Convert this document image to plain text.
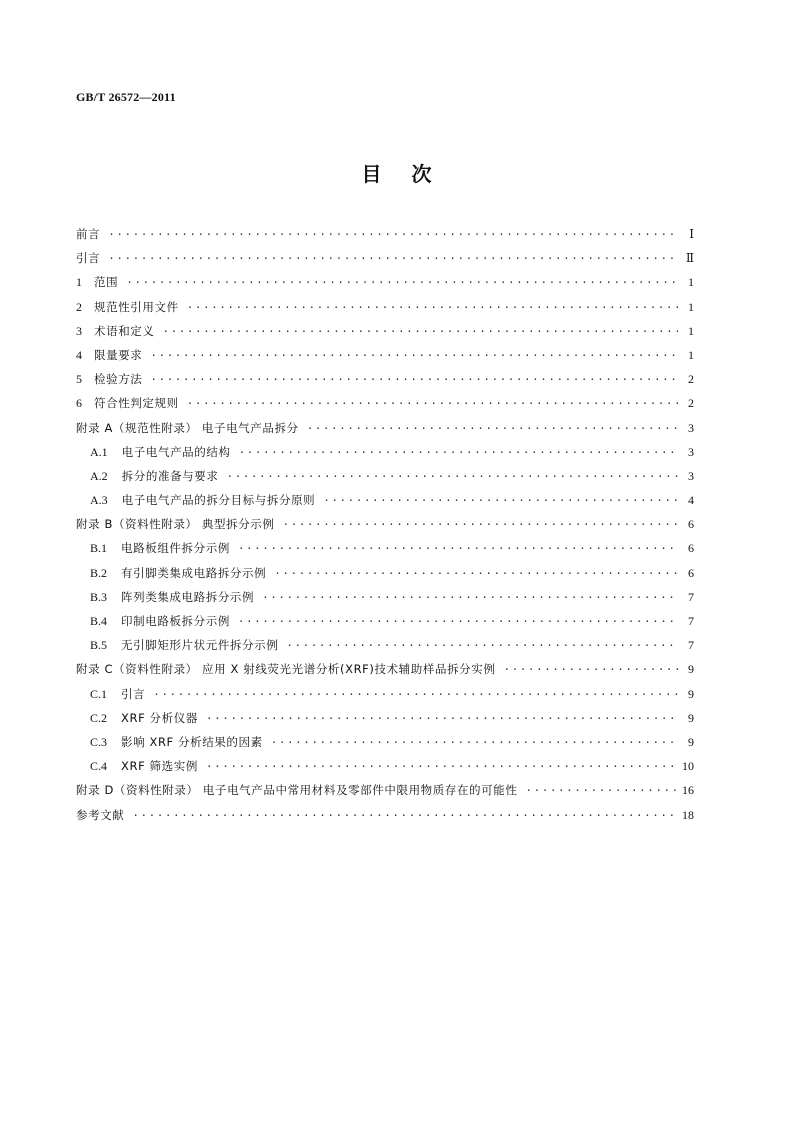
GB/T 26572—2011
目次
前言 ·····	Ⅰ
引言 ·····	Ⅱ
1 范围 ·····	1
2 规范性引用文件 ·····	1
3 术语和定义 ·····	1
4 限量要求 ·····	1
5 检验方法 ·····	2
6 符合性判定规则 ·····	2
附录 A（规范性附录） 电子电气产品拆分 ·····	3
A.1 电子电气产品的结构 ·····	3
A.2 拆分的准备与要求 ·····	3
A.3 电子电气产品的拆分目标与拆分原则 ·····	4
附录 B（资料性附录） 典型拆分示例 ·····	6
B.1 电路板组件拆分示例 ·····	6
B.2 有引脚类集成电路拆分示例 ·····	6
B.3 阵列类集成电路拆分示例 ·····	7
B.4 印制电路板拆分示例 ·····	7
B.5 无引脚矩形片状元件拆分示例 ·····	7
附录 C（资料性附录） 应用 X 射线荧光光谱分析(XRF)技术辅助样品拆分实例 ·····	9
C.1 引言 ·····	9
C.2 XRF 分析仪器 ·····	9
C.3 影响 XRF 分析结果的因素 ·····	9
C.4 XRF 筛选实例 ·····	10
附录 D（资料性附录） 电子电气产品中常用材料及零部件中限用物质存在的可能性 ·····	16
参考文献 ·····	18
